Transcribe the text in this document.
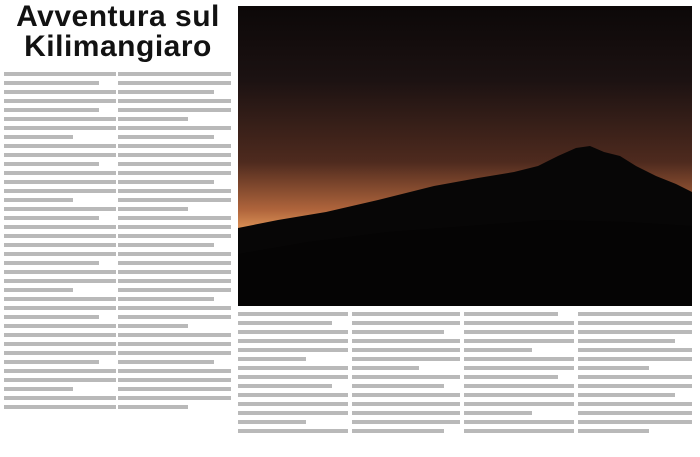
Avventura sul Kilimangiaro
